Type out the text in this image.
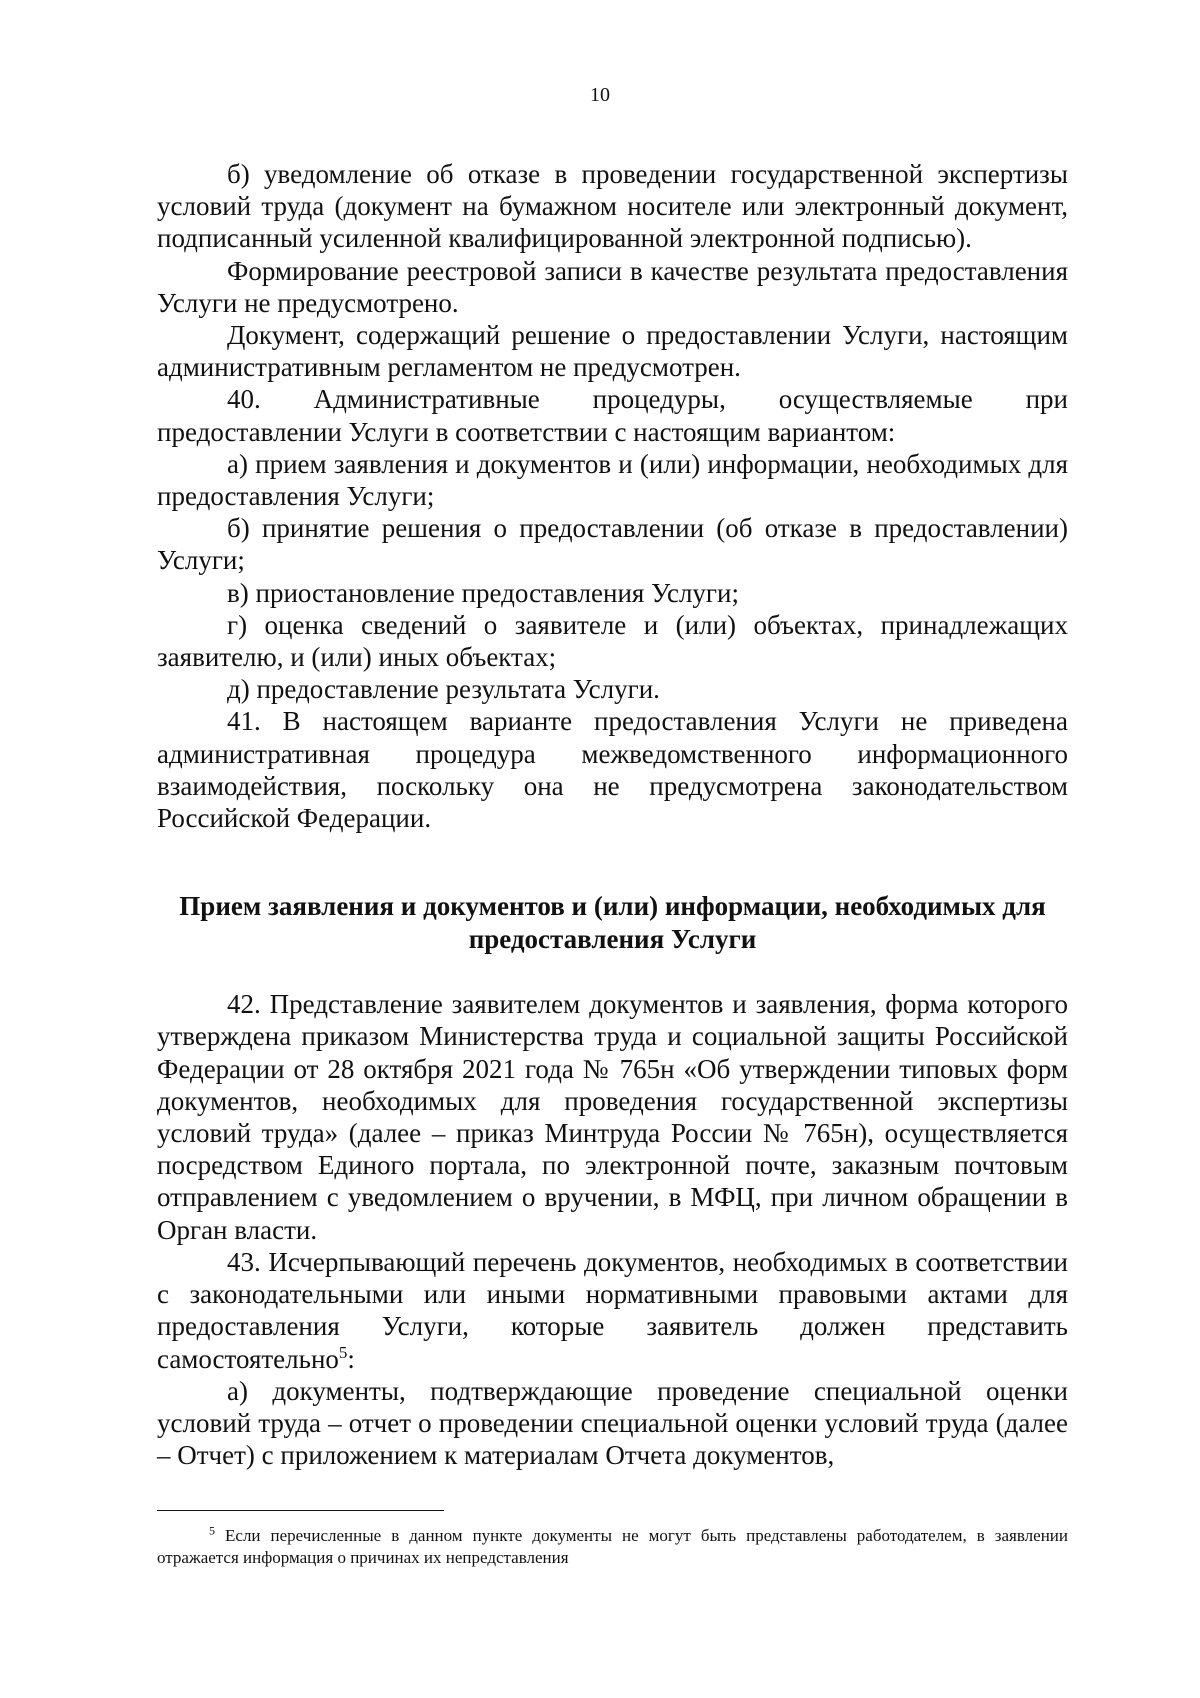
10

б) уведомление об отказе в проведении государственной экспертизы условий труда (документ на бумажном носителе или электронный документ, подписанный усиленной квалифицированной электронной подписью).

Формирование реестровой записи в качестве результата предоставления Услуги не предусмотрено.

Документ, содержащий решение о предоставлении Услуги, настоящим административным регламентом не предусмотрен.

40. Административные процедуры, осуществляемые при предоставлении Услуги в соответствии с настоящим вариантом:

а) прием заявления и документов и (или) информации, необходимых для предоставления Услуги;

б) принятие решения о предоставлении (об отказе в предоставлении) Услуги;

в) приостановление предоставления Услуги;

г) оценка сведений о заявителе и (или) объектах, принадлежащих заявителю, и (или) иных объектах;

д) предоставление результата Услуги.

41. В настоящем варианте предоставления Услуги не приведена административная процедура межведомственного информационного взаимодействия, поскольку она не предусмотрена законодательством Российской Федерации.

Прием заявления и документов и (или) информации, необходимых для предоставления Услуги

42. Представление заявителем документов и заявления, форма которого утверждена приказом Министерства труда и социальной защиты Российской Федерации от 28 октября 2021 года № 765н «Об утверждении типовых форм документов, необходимых для проведения государственной экспертизы условий труда» (далее – приказ Минтруда России № 765н), осуществляется посредством Единого портала, по электронной почте, заказным почтовым отправлением с уведомлением о вручении, в МФЦ, при личном обращении в Орган власти.

43. Исчерпывающий перечень документов, необходимых в соответствии с законодательными или иными нормативными правовыми актами для предоставления Услуги, которые заявитель должен представить самостоятельно$^5$:

а) документы, подтверждающие проведение специальной оценки условий труда – отчет о проведении специальной оценки условий труда (далее – Отчет) с приложением к материалам Отчета документов,

$^5$ Если перечисленные в данном пункте документы не могут быть представлены работодателем, в заявлении отражается информация о причинах их непредставления
